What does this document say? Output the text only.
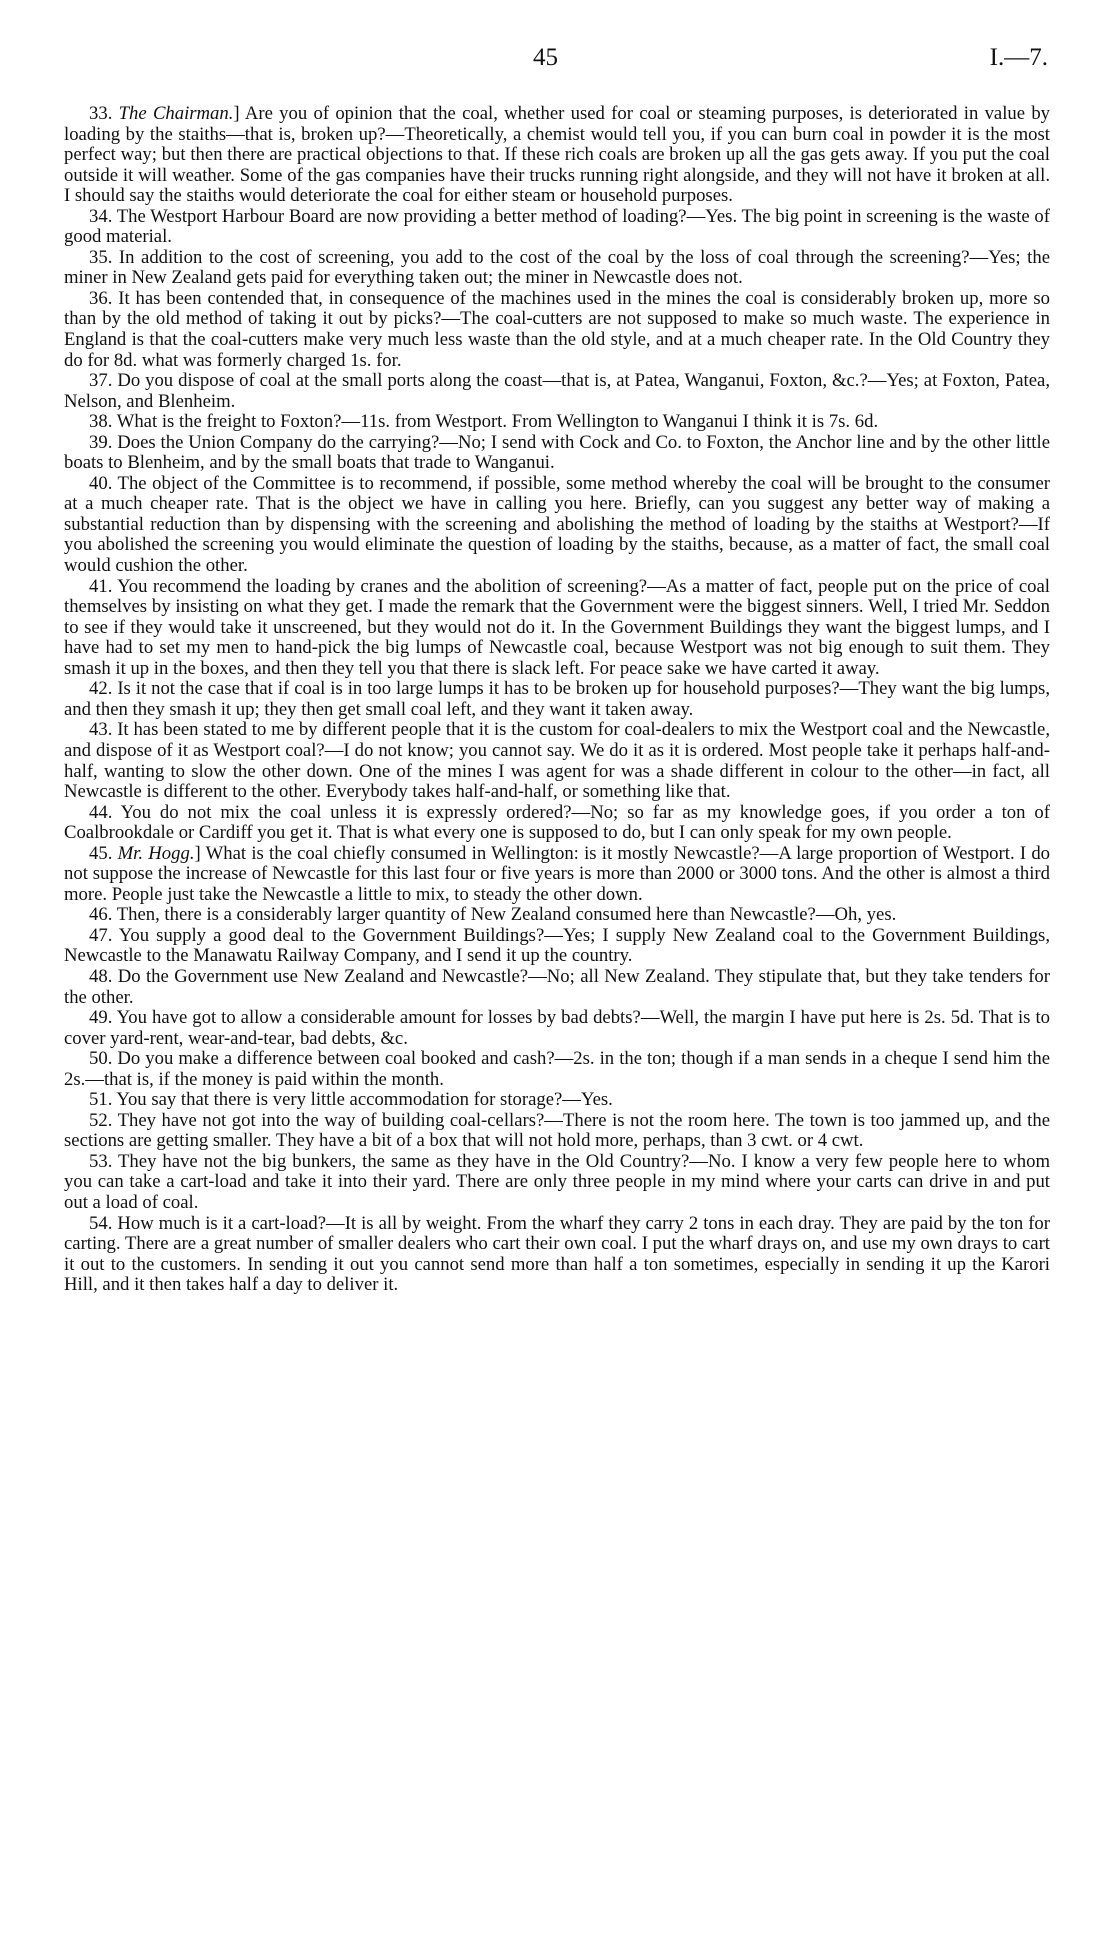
45	I.—7.

33. The Chairman.] Are you of opinion that the coal, whether used for coal or steaming purposes, is deteriorated in value by loading by the staiths—that is, broken up?—Theoretically, a chemist would tell you, if you can burn coal in powder it is the most perfect way; but then there are practical objections to that. If these rich coals are broken up all the gas gets away. If you put the coal outside it will weather. Some of the gas companies have their trucks running right alongside, and they will not have it broken at all. I should say the staiths would deteriorate the coal for either steam or household purposes.

34. The Westport Harbour Board are now providing a better method of loading?—Yes. The big point in screening is the waste of good material.

35. In addition to the cost of screening, you add to the cost of the coal by the loss of coal through the screening?—Yes; the miner in New Zealand gets paid for everything taken out; the miner in Newcastle does not.

36. It has been contended that, in consequence of the machines used in the mines the coal is considerably broken up, more so than by the old method of taking it out by picks?—The coal-cutters are not supposed to make so much waste. The experience in England is that the coal-cutters make very much less waste than the old style, and at a much cheaper rate. In the Old Country they do for 8d. what was formerly charged 1s. for.

37. Do you dispose of coal at the small ports along the coast—that is, at Patea, Wanganui, Foxton, &c.?—Yes; at Foxton, Patea, Nelson, and Blenheim.

38. What is the freight to Foxton?—11s. from Westport. From Wellington to Wanganui I think it is 7s. 6d.

39. Does the Union Company do the carrying?—No; I send with Cock and Co. to Foxton, the Anchor line and by the other little boats to Blenheim, and by the small boats that trade to Wanganui.

40. The object of the Committee is to recommend, if possible, some method whereby the coal will be brought to the consumer at a much cheaper rate. That is the object we have in calling you here. Briefly, can you suggest any better way of making a substantial reduction than by dispensing with the screening and abolishing the method of loading by the staiths at Westport?—If you abolished the screening you would eliminate the question of loading by the staiths, because, as a matter of fact, the small coal would cushion the other.

41. You recommend the loading by cranes and the abolition of screening?—As a matter of fact, people put on the price of coal themselves by insisting on what they get. I made the remark that the Government were the biggest sinners. Well, I tried Mr. Seddon to see if they would take it unscreened, but they would not do it. In the Government Buildings they want the biggest lumps, and I have had to set my men to hand-pick the big lumps of Newcastle coal, because Westport was not big enough to suit them. They smash it up in the boxes, and then they tell you that there is slack left. For peace sake we have carted it away.

42. Is it not the case that if coal is in too large lumps it has to be broken up for household purposes?—They want the big lumps, and then they smash it up; they then get small coal left, and they want it taken away.

43. It has been stated to me by different people that it is the custom for coal-dealers to mix the Westport coal and the Newcastle, and dispose of it as Westport coal?—I do not know; you cannot say. We do it as it is ordered. Most people take it perhaps half-and-half, wanting to slow the other down. One of the mines I was agent for was a shade different in colour to the other—in fact, all Newcastle is different to the other. Everybody takes half-and-half, or something like that.

44. You do not mix the coal unless it is expressly ordered?—No; so far as my knowledge goes, if you order a ton of Coalbrookdale or Cardiff you get it. That is what every one is supposed to do, but I can only speak for my own people.

45. Mr. Hogg.] What is the coal chiefly consumed in Wellington: is it mostly Newcastle?—A large proportion of Westport. I do not suppose the increase of Newcastle for this last four or five years is more than 2000 or 3000 tons. And the other is almost a third more. People just take the Newcastle a little to mix, to steady the other down.

46. Then, there is a considerably larger quantity of New Zealand consumed here than Newcastle?—Oh, yes.

47. You supply a good deal to the Government Buildings?—Yes; I supply New Zealand coal to the Government Buildings, Newcastle to the Manawatu Railway Company, and I send it up the country.

48. Do the Government use New Zealand and Newcastle?—No; all New Zealand. They stipulate that, but they take tenders for the other.

49. You have got to allow a considerable amount for losses by bad debts?—Well, the margin I have put here is 2s. 5d. That is to cover yard-rent, wear-and-tear, bad debts, &c.

50. Do you make a difference between coal booked and cash?—2s. in the ton; though if a man sends in a cheque I send him the 2s.—that is, if the money is paid within the month.

51. You say that there is very little accommodation for storage?—Yes.

52. They have not got into the way of building coal-cellars?—There is not the room here. The town is too jammed up, and the sections are getting smaller. They have a bit of a box that will not hold more, perhaps, than 3 cwt. or 4 cwt.

53. They have not the big bunkers, the same as they have in the Old Country?—No. I know a very few people here to whom you can take a cart-load and take it into their yard. There are only three people in my mind where your carts can drive in and put out a load of coal.

54. How much is it a cart-load?—It is all by weight. From the wharf they carry 2 tons in each dray. They are paid by the ton for carting. There are a great number of smaller dealers who cart their own coal. I put the wharf drays on, and use my own drays to cart it out to the customers. In sending it out you cannot send more than half a ton sometimes, especially in sending it up the Karori Hill, and it then takes half a day to deliver it.
